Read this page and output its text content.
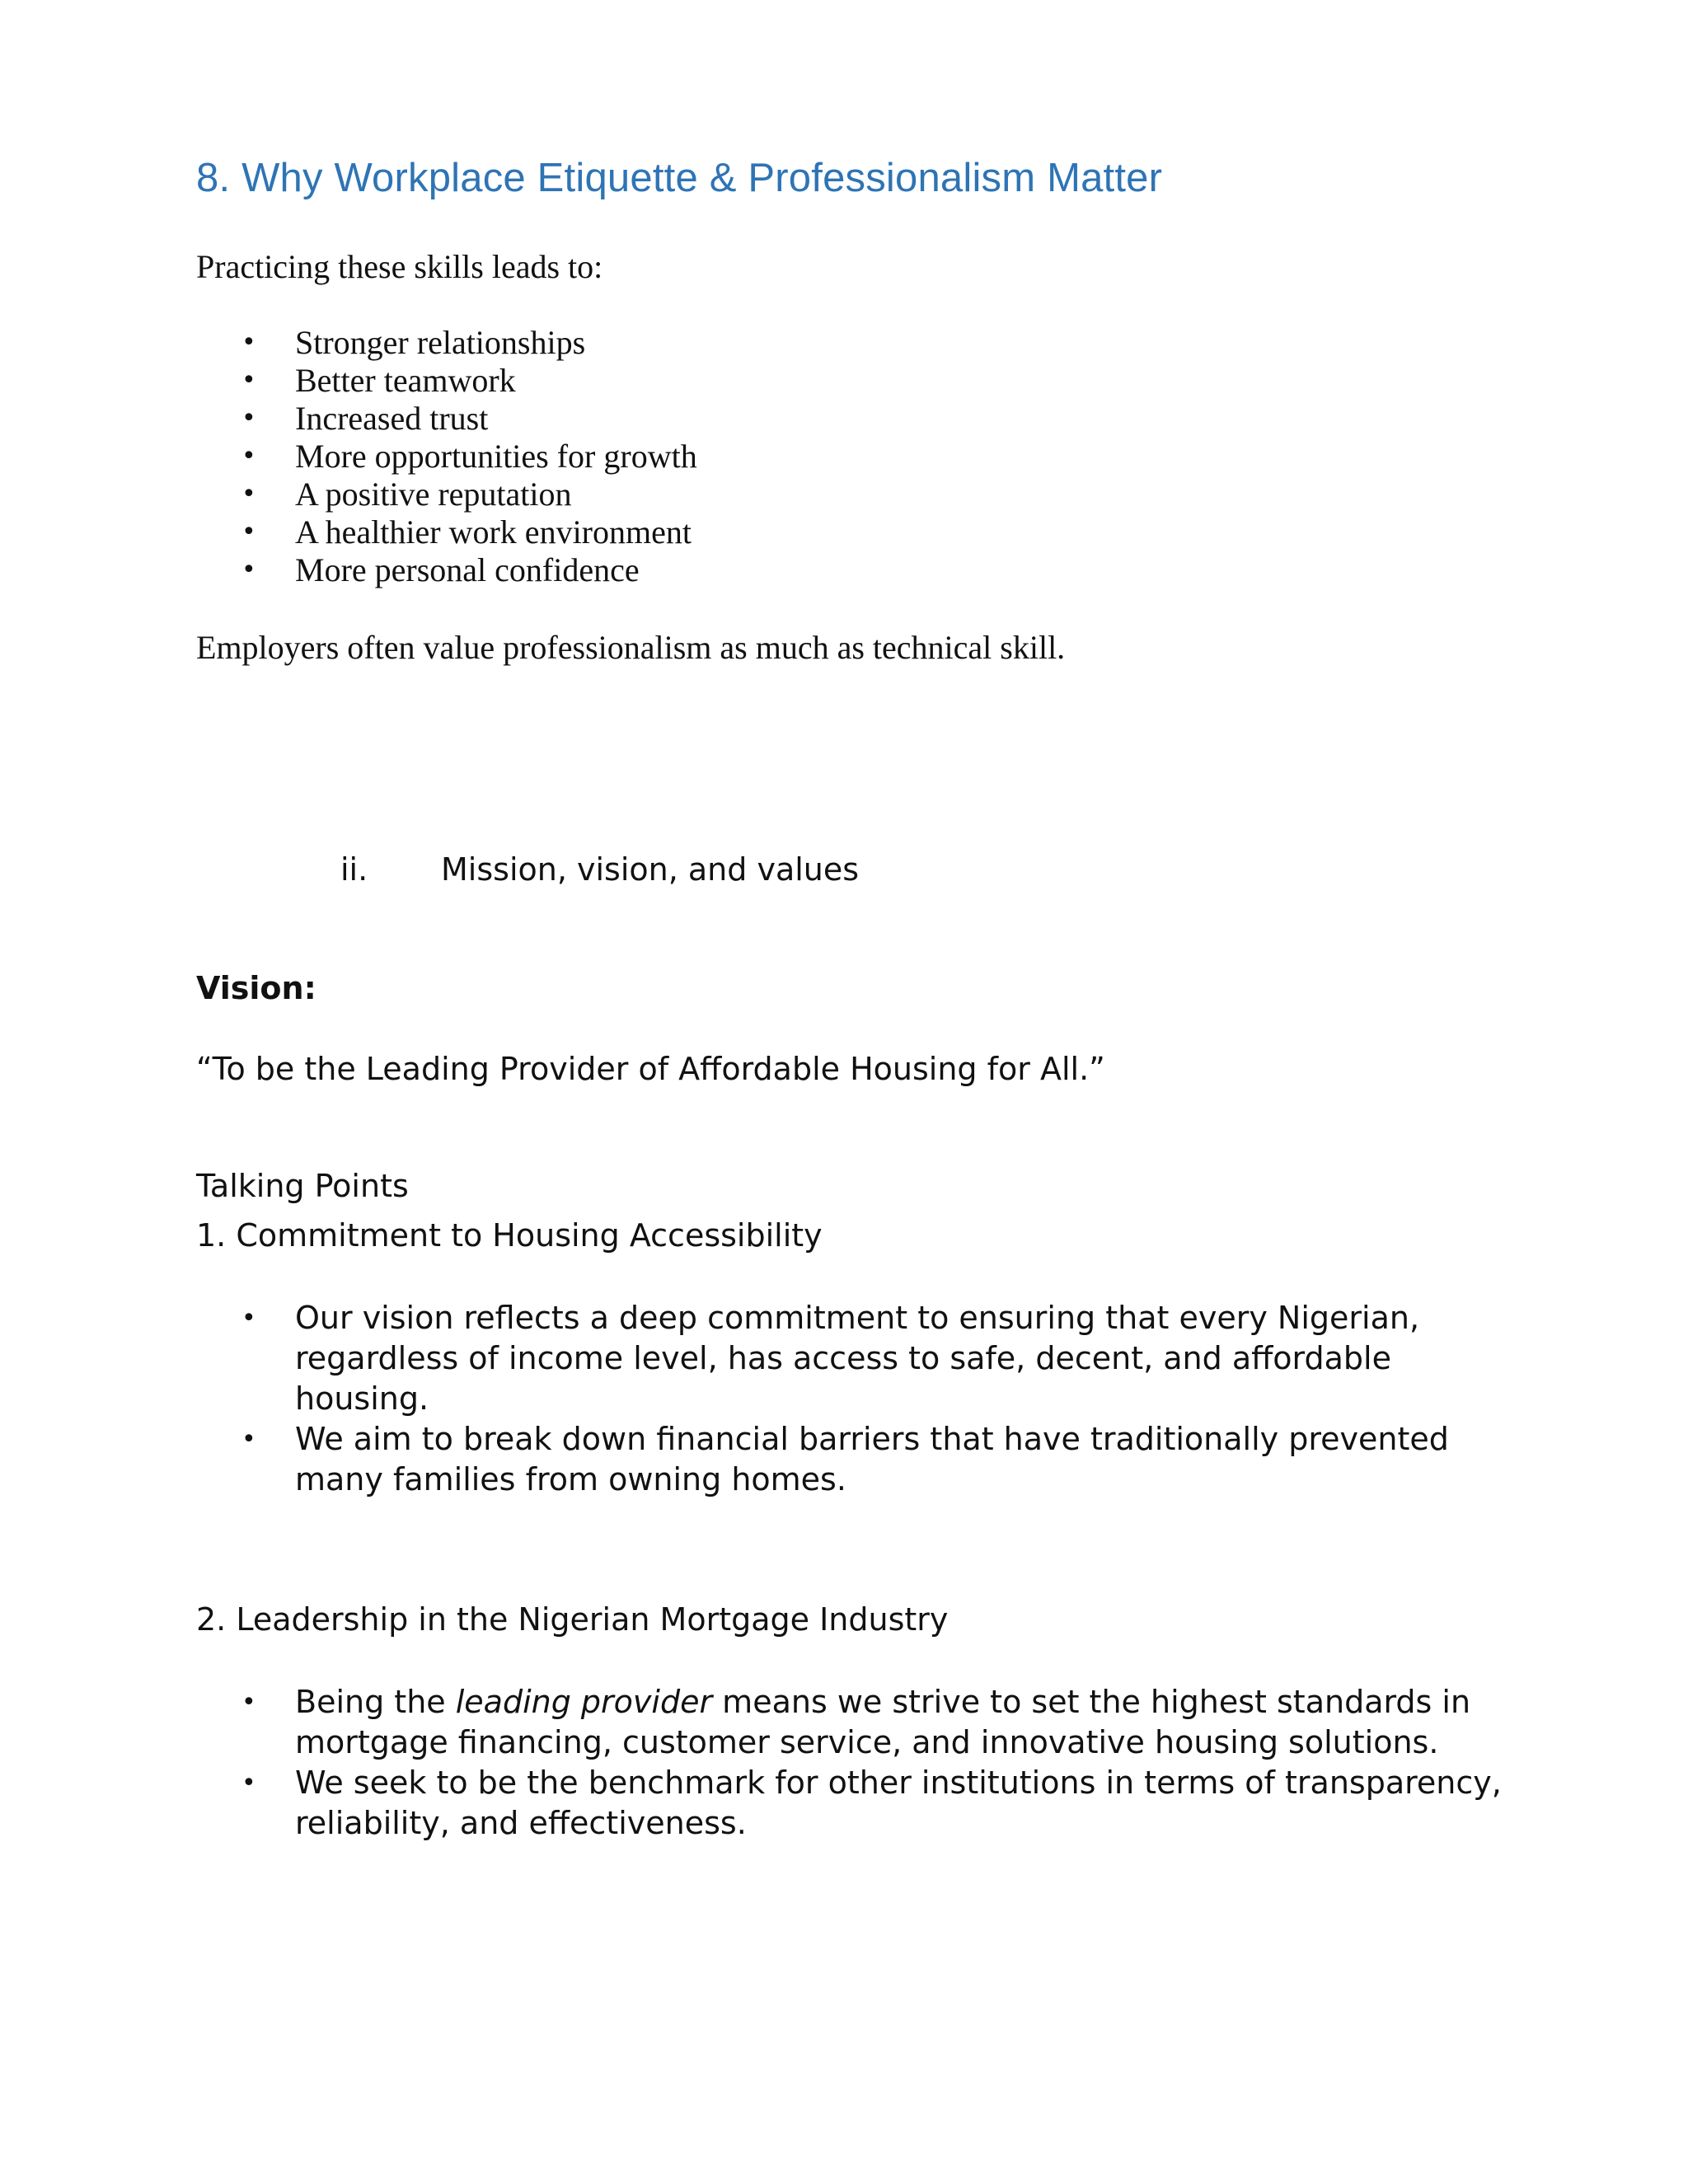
8. Why Workplace Etiquette & Professionalism Matter

Practicing these skills leads to:

• Stronger relationships
• Better teamwork
• Increased trust
• More opportunities for growth
• A positive reputation
• A healthier work environment
• More personal confidence

Employers often value professionalism as much as technical skill.

ii. Mission, vision, and values

Vision:

“To be the Leading Provider of Affordable Housing for All.”

Talking Points

1. Commitment to Housing Accessibility

• Our vision reflects a deep commitment to ensuring that every Nigerian, regardless of income level, has access to safe, decent, and affordable housing.
• We aim to break down financial barriers that have traditionally prevented many families from owning homes.

2. Leadership in the Nigerian Mortgage Industry

• Being the leading provider means we strive to set the highest standards in mortgage financing, customer service, and innovative housing solutions.
• We seek to be the benchmark for other institutions in terms of transparency, reliability, and effectiveness.
